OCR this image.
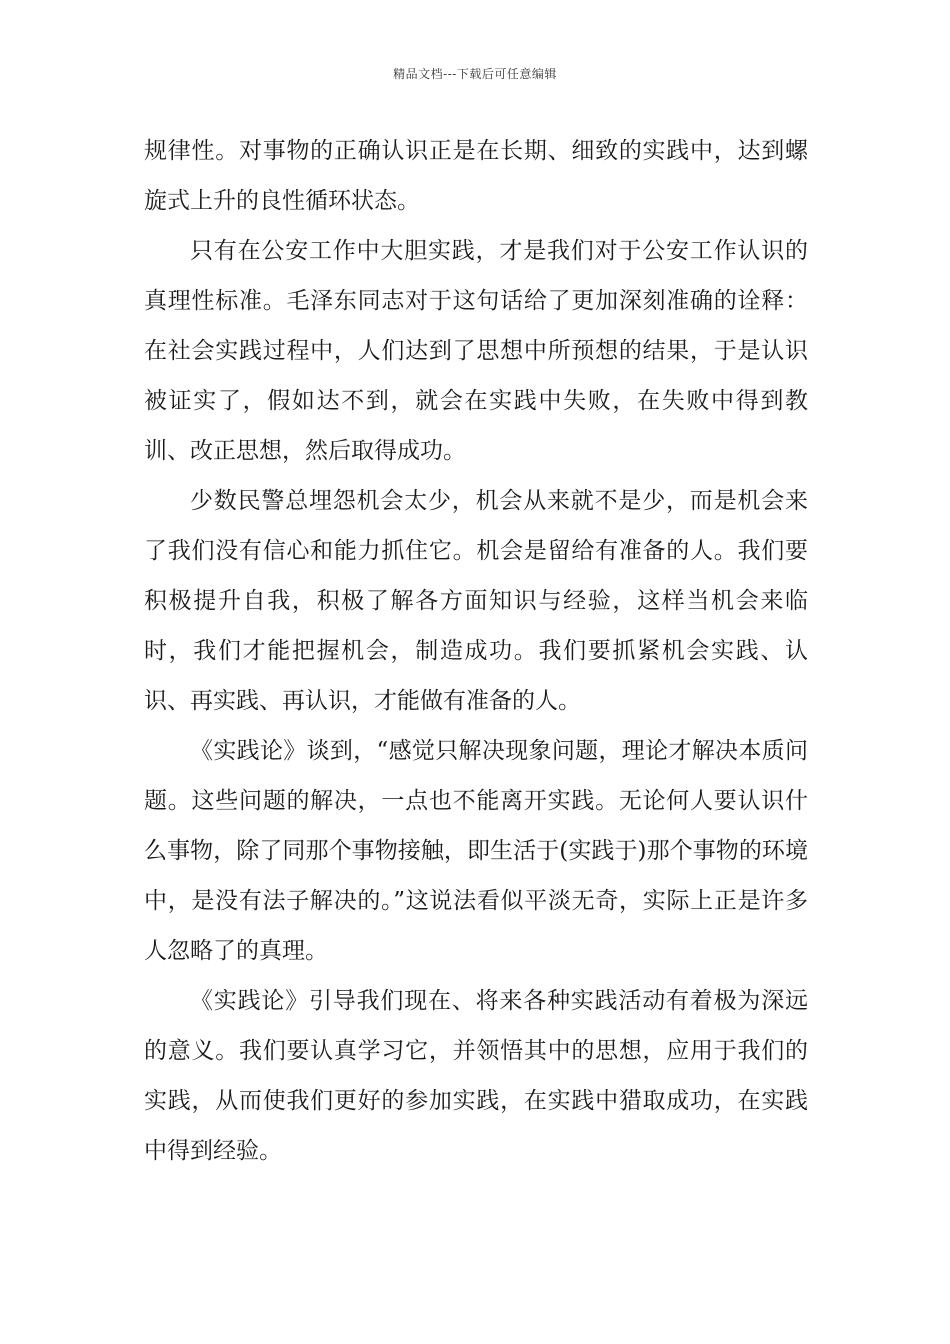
精品文档---下载后可任意编辑

规律性。对事物的正确认识正是在长期、细致的实践中，达到螺旋式上升的良性循环状态。

只有在公安工作中大胆实践，才是我们对于公安工作认识的真理性标准。毛泽东同志对于这句话给了更加深刻准确的诠释：在社会实践过程中，人们达到了思想中所预想的结果，于是认识被证实了，假如达不到，就会在实践中失败，在失败中得到教训、改正思想，然后取得成功。

少数民警总埋怨机会太少，机会从来就不是少，而是机会来了我们没有信心和能力抓住它。机会是留给有准备的人。我们要积极提升自我，积极了解各方面知识与经验，这样当机会来临时，我们才能把握机会，制造成功。我们要抓紧机会实践、认识、再实践、再认识，才能做有准备的人。

《实践论》谈到，“感觉只解决现象问题，理论才解决本质问题。这些问题的解决，一点也不能离开实践。无论何人要认识什么事物，除了同那个事物接触，即生活于(实践于)那个事物的环境中，是没有法子解决的。”这说法看似平淡无奇，实际上正是许多人忽略了的真理。

《实践论》引导我们现在、将来各种实践活动有着极为深远的意义。我们要认真学习它，并领悟其中的思想，应用于我们的实践，从而使我们更好的参加实践，在实践中猎取成功，在实践中得到经验。
